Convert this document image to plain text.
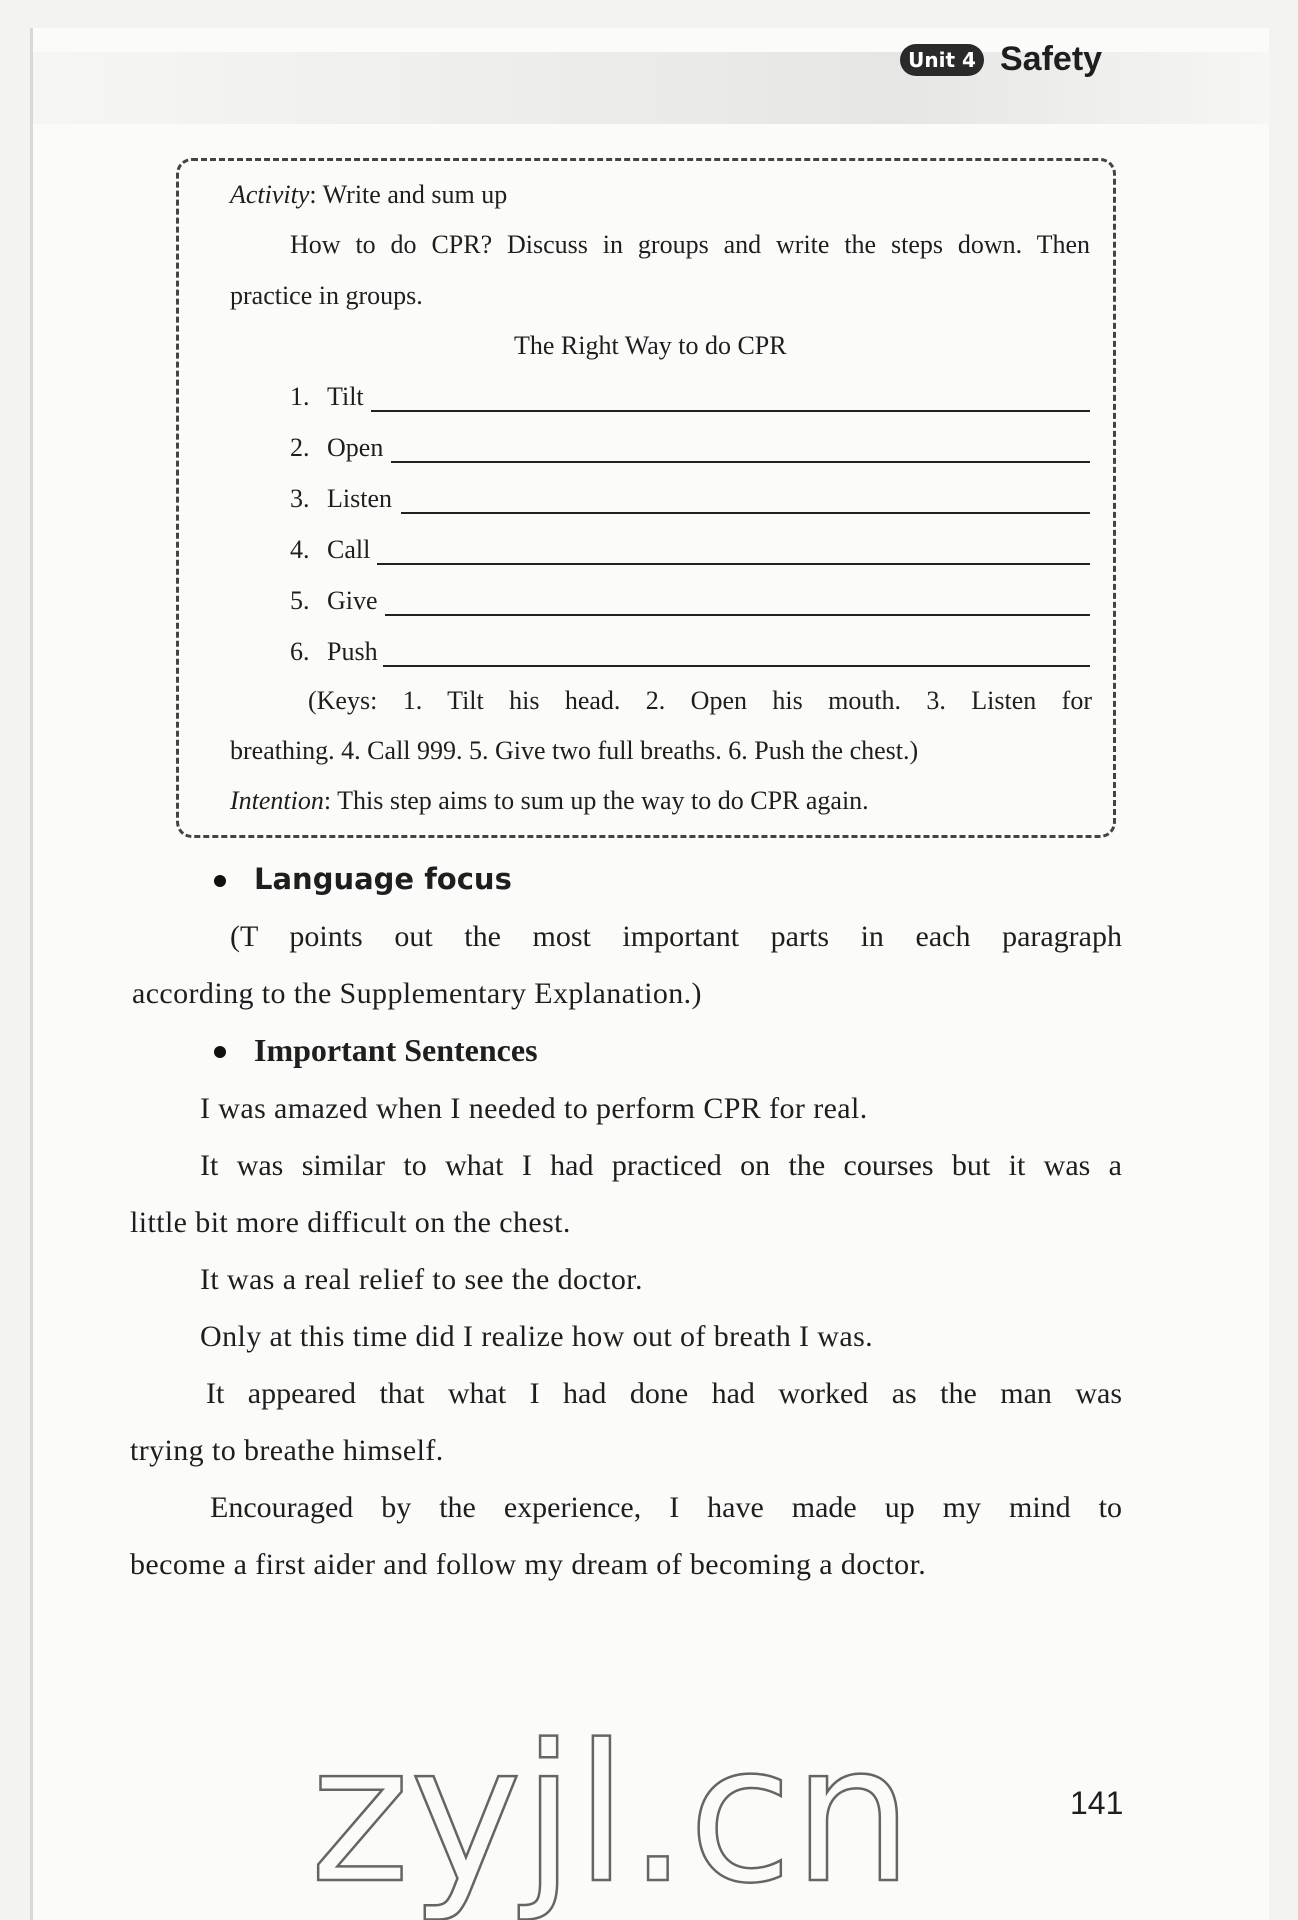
Unit 4 Safety
Activity: Write and sum up
How to do CPR? Discuss in groups and write the steps down. Then
practice in groups.
The Right Way to do CPR
1. Tilt
2. Open
3. Listen
4. Call
5. Give
6. Push
(Keys: 1. Tilt his head. 2. Open his mouth. 3. Listen for
breathing. 4. Call 999. 5. Give two full breaths. 6. Push the chest.)
Intention: This step aims to sum up the way to do CPR again.
Language focus
(T points out the most important parts in each paragraph
according to the Supplementary Explanation.)
Important Sentences
I was amazed when I needed to perform CPR for real.
It was similar to what I had practiced on the courses but it was a
little bit more difficult on the chest.
It was a real relief to see the doctor.
Only at this time did I realize how out of breath I was.
It appeared that what I had done had worked as the man was
trying to breathe himself.
Encouraged by the experience, I have made up my mind to
become a first aider and follow my dream of becoming a doctor.
141
zyjl.cn
